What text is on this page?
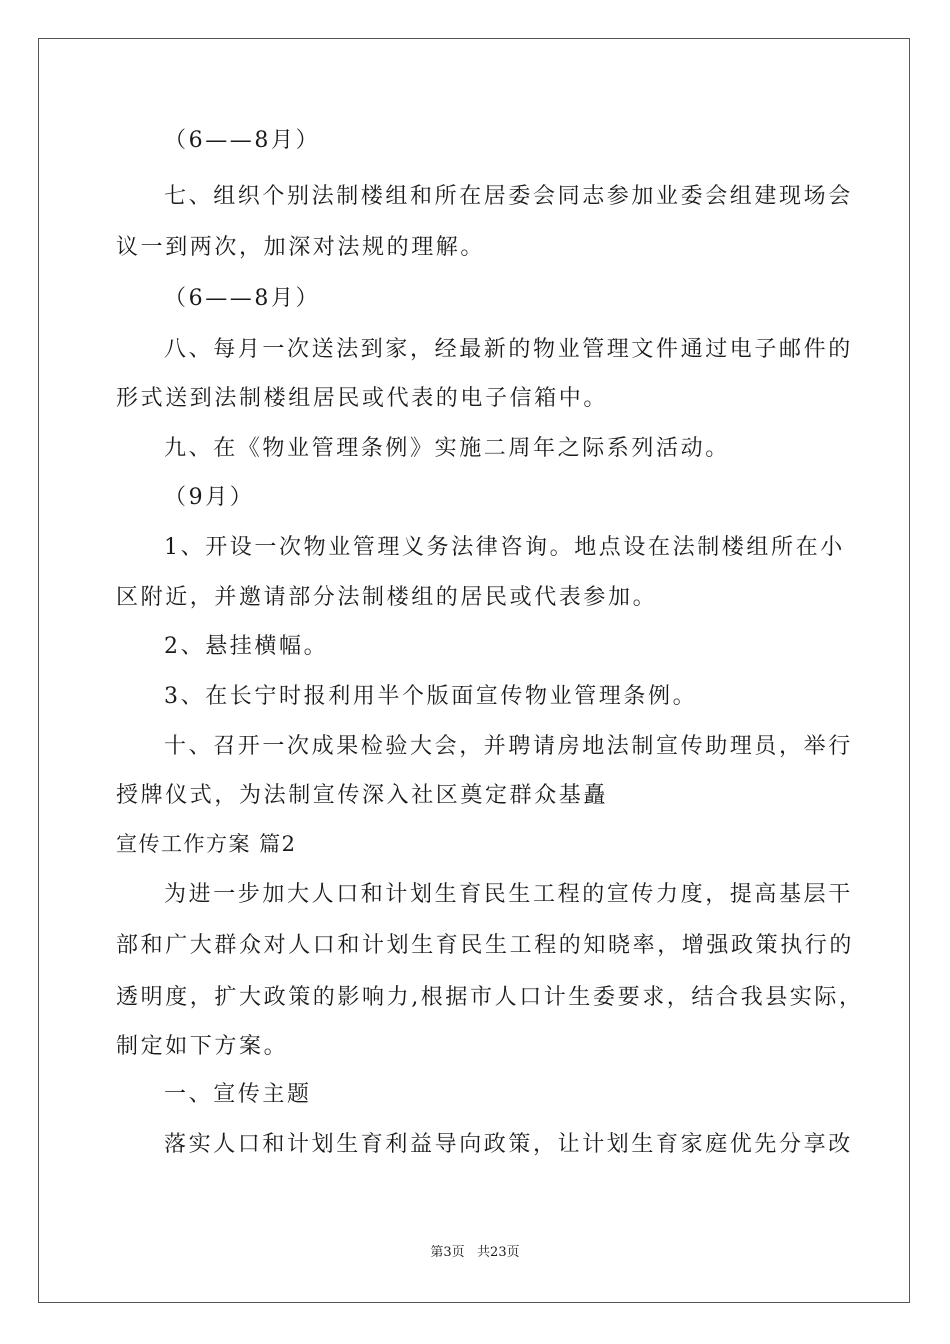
（6——8月）
七、组织个别法制楼组和所在居委会同志参加业委会组建现场会
议一到两次，加深对法规的理解。
（6——8月）
八、每月一次送法到家，经最新的物业管理文件通过电子邮件的
形式送到法制楼组居民或代表的电子信箱中。
九、在《物业管理条例》实施二周年之际系列活动。
（9月）
1、开设一次物业管理义务法律咨询。地点设在法制楼组所在小
区附近，并邀请部分法制楼组的居民或代表参加。
2、悬挂横幅。
3、在长宁时报利用半个版面宣传物业管理条例。
十、召开一次成果检验大会，并聘请房地法制宣传助理员，举行
授牌仪式，为法制宣传深入社区奠定群众基矗
宣传工作方案 篇2
为进一步加大人口和计划生育民生工程的宣传力度，提高基层干
部和广大群众对人口和计划生育民生工程的知晓率，增强政策执行的
透明度，扩大政策的影响力,根据市人口计生委要求，结合我县实际，
制定如下方案。
一、宣传主题
落实人口和计划生育利益导向政策，让计划生育家庭优先分享改
第3页   共23页
